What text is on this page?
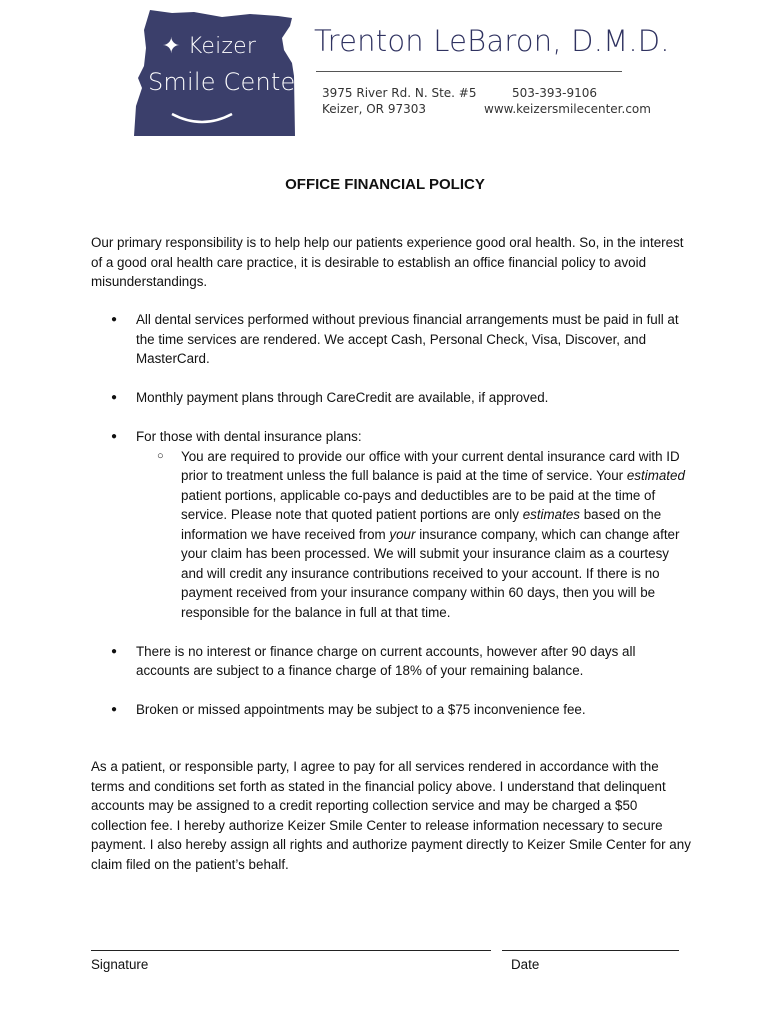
✦ Keizer
Smile Center
Trenton LeBaron, D.M.D.
3975 River Rd. N. Ste. #5
Keizer, OR 97303
503-393-9106
www.keizersmilecenter.com
OFFICE FINANCIAL POLICY
Our primary responsibility is to help help our patients experience good oral health. So, in the interest of a good oral health care practice, it is desirable to establish an office financial policy to avoid misunderstandings.
● All dental services performed without previous financial arrangements must be paid in full at the time services are rendered. We accept Cash, Personal Check, Visa, Discover, and MasterCard.
● Monthly payment plans through CareCredit are available, if approved.
● For those with dental insurance plans:
○ You are required to provide our office with your current dental insurance card with ID prior to treatment unless the full balance is paid at the time of service. Your estimated patient portions, applicable co-pays and deductibles are to be paid at the time of service. Please note that quoted patient portions are only estimates based on the information we have received from your insurance company, which can change after your claim has been processed. We will submit your insurance claim as a courtesy and will credit any insurance contributions received to your account. If there is no payment received from your insurance company within 60 days, then you will be responsible for the balance in full at that time.
● There is no interest or finance charge on current accounts, however after 90 days all accounts are subject to a finance charge of 18% of your remaining balance.
● Broken or missed appointments may be subject to a $75 inconvenience fee.
As a patient, or responsible party, I agree to pay for all services rendered in accordance with the terms and conditions set forth as stated in the financial policy above. I understand that delinquent accounts may be assigned to a credit reporting collection service and may be charged a $50 collection fee. I hereby authorize Keizer Smile Center to release information necessary to secure payment. I also hereby assign all rights and authorize payment directly to Keizer Smile Center for any claim filed on the patient’s behalf.
Signature	Date
